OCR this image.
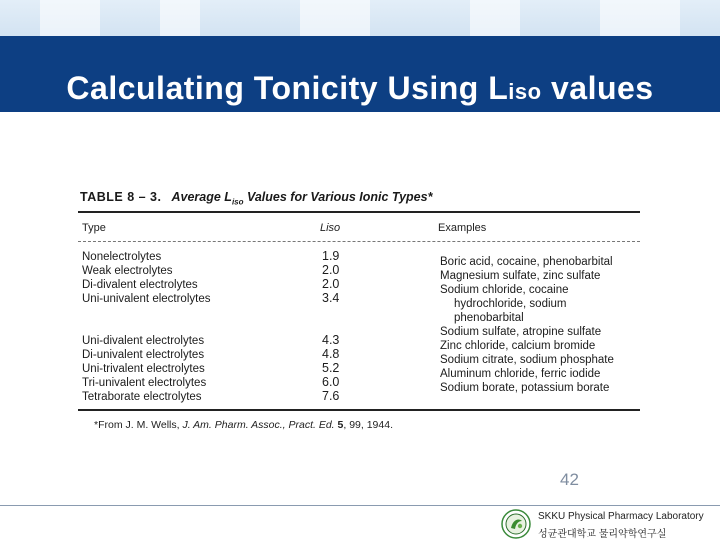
Calculating Tonicity Using Liso values
TABLE 8 – 3. Average $L_{iso}$ Values for Various Ionic Types*
Type	Liso	Examples
Nonelectrolytes
Weak electrolytes
Di-divalent electrolytes
Uni-univalent electrolytes
1.9
2.0
2.0
3.4
Boric acid, cocaine, phenobarbital
Magnesium sulfate, zinc sulfate
Sodium chloride, cocaine
hydrochloride, sodium
phenobarbital
Uni-divalent electrolytes
Di-univalent electrolytes
Uni-trivalent electrolytes
Tri-univalent electrolytes
Tetraborate electrolytes
4.3
4.8
5.2
6.0
7.6
Sodium sulfate, atropine sulfate
Zinc chloride, calcium bromide
Sodium citrate, sodium phosphate
Aluminum chloride, ferric iodide
Sodium borate, potassium borate
*From J. M. Wells, J. Am. Pharm. Assoc., Pract. Ed. 5, 99, 1944.
42
SKKU Physical Pharmacy Laboratory
성균관대학교 물리약학연구실
